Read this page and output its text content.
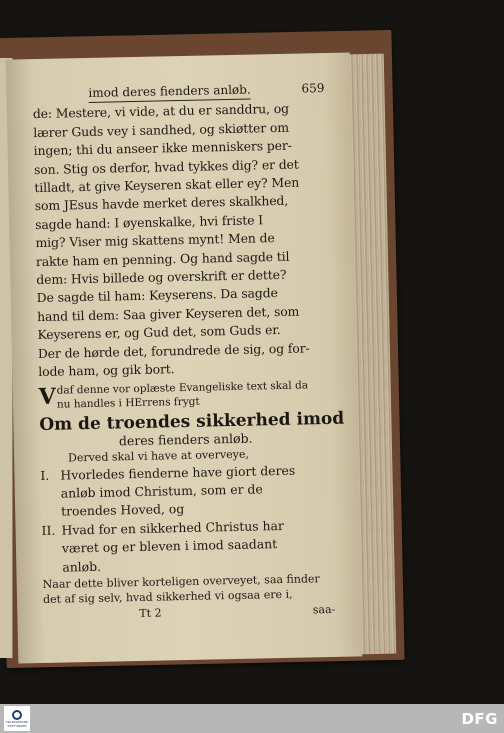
imod deres fienders anløb.	659
de: Mestere, vi vide, at du er sanddru, og
lærer Guds vey i sandhed, og skiøtter om
ingen; thi du anseer ikke menniskers per-
son. Stig os derfor, hvad tykkes dig? er det
tilladt, at give Keyseren skat eller ey? Men
som JEsus havde merket deres skalkhed,
sagde hand: I øyenskalke, hvi friste I
mig? Viser mig skattens mynt! Men de
rakte ham en penning. Og hand sagde til
dem: Hvis billede og overskrift er dette?
De sagde til ham: Keyserens. Da sagde
hand til dem: Saa giver Keyseren det, som
Keyserens er, og Gud det, som Guds er.
Der de hørde det, forundrede de sig, og for-
lode ham, og gik bort.
V daf denne vor oplæste Evangeliske text skal da
nu handles i HErrens frygt
Om de troendes sikkerhed imod
deres fienders anløb.
Derved skal vi have at overveye,
I. Hvorledes fienderne have giort deres
anløb imod Christum, som er de
troendes Hoved, og
II. Hvad for en sikkerhed Christus har
været og er bleven i imod saadant
anløb.
Naar dette bliver korteligen overveyet, saa finder
det af sig selv, hvad sikkerhed vi ogsaa ere i,
Tt 2	saa-
FRANCKESCHE STIFTUNGEN	DFG
